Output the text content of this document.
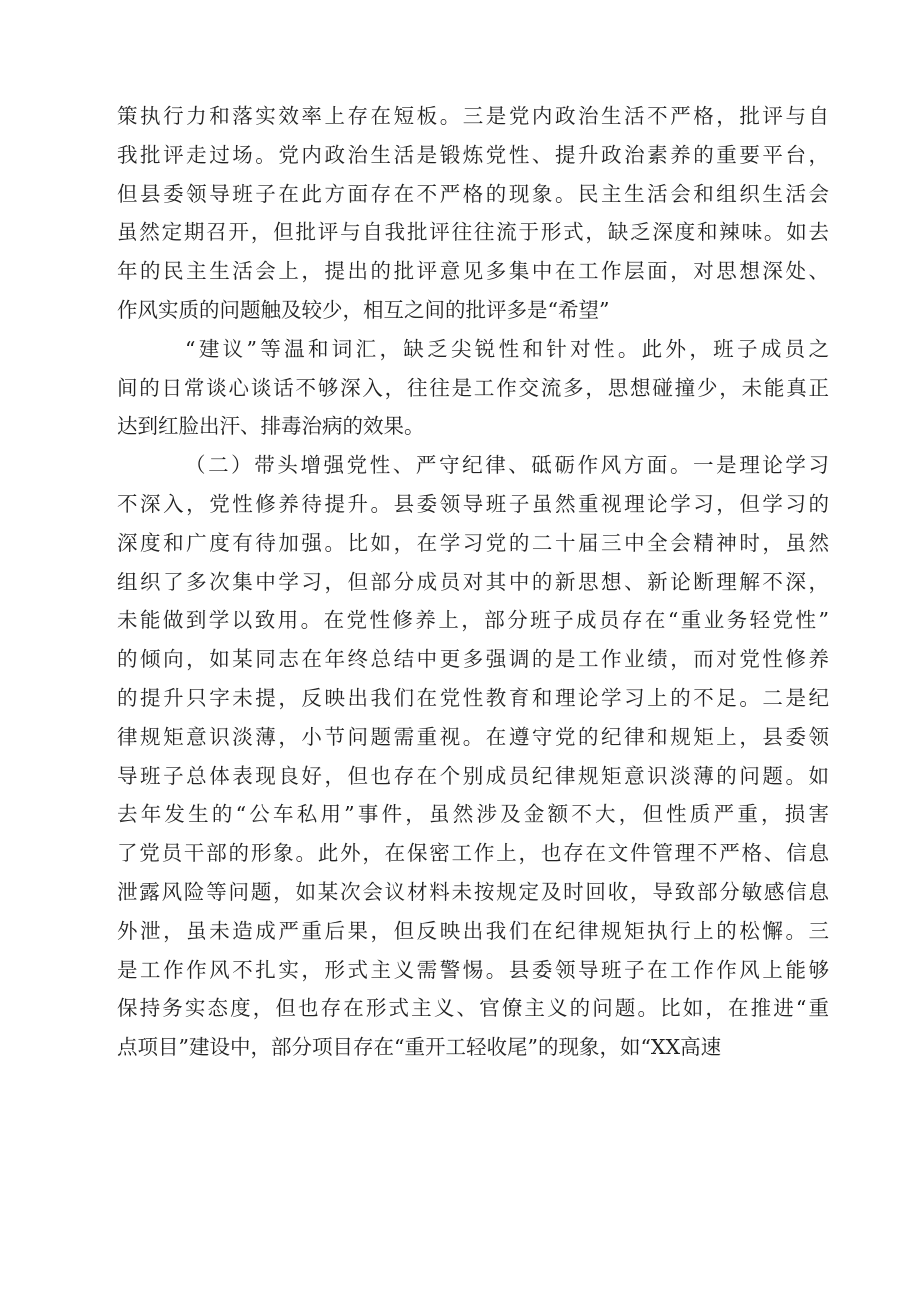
策执行力和落实效率上存在短板。三是党内政治生活不严格，批评与自
我批评走过场。党内政治生活是锻炼党性、提升政治素养的重要平台，
但县委领导班子在此方面存在不严格的现象。民主生活会和组织生活会
虽然定期召开，但批评与自我批评往往流于形式，缺乏深度和辣味。如去
年的民主生活会上，提出的批评意见多集中在工作层面，对思想深处、
作风实质的问题触及较少，相互之间的批评多是“希望”
“建议”等温和词汇，缺乏尖锐性和针对性。此外，班子成员之
间的日常谈心谈话不够深入，往往是工作交流多，思想碰撞少，未能真正
达到红脸出汗、排毒治病的效果。
（二）带头增强党性、严守纪律、砥砺作风方面。一是理论学习
不深入，党性修养待提升。县委领导班子虽然重视理论学习，但学习的
深度和广度有待加强。比如，在学习党的二十届三中全会精神时，虽然
组织了多次集中学习，但部分成员对其中的新思想、新论断理解不深，
未能做到学以致用。在党性修养上，部分班子成员存在“重业务轻党性”
的倾向，如某同志在年终总结中更多强调的是工作业绩，而对党性修养
的提升只字未提，反映出我们在党性教育和理论学习上的不足。二是纪
律规矩意识淡薄，小节问题需重视。在遵守党的纪律和规矩上，县委领
导班子总体表现良好，但也存在个别成员纪律规矩意识淡薄的问题。如
去年发生的“公车私用”事件，虽然涉及金额不大，但性质严重，损害
了党员干部的形象。此外，在保密工作上，也存在文件管理不严格、信息
泄露风险等问题，如某次会议材料未按规定及时回收，导致部分敏感信息
外泄，虽未造成严重后果，但反映出我们在纪律规矩执行上的松懈。三
是工作作风不扎实，形式主义需警惕。县委领导班子在工作作风上能够
保持务实态度，但也存在形式主义、官僚主义的问题。比如，在推进“重
点项目”建设中，部分项目存在“重开工轻收尾”的现象，如“XX高速
